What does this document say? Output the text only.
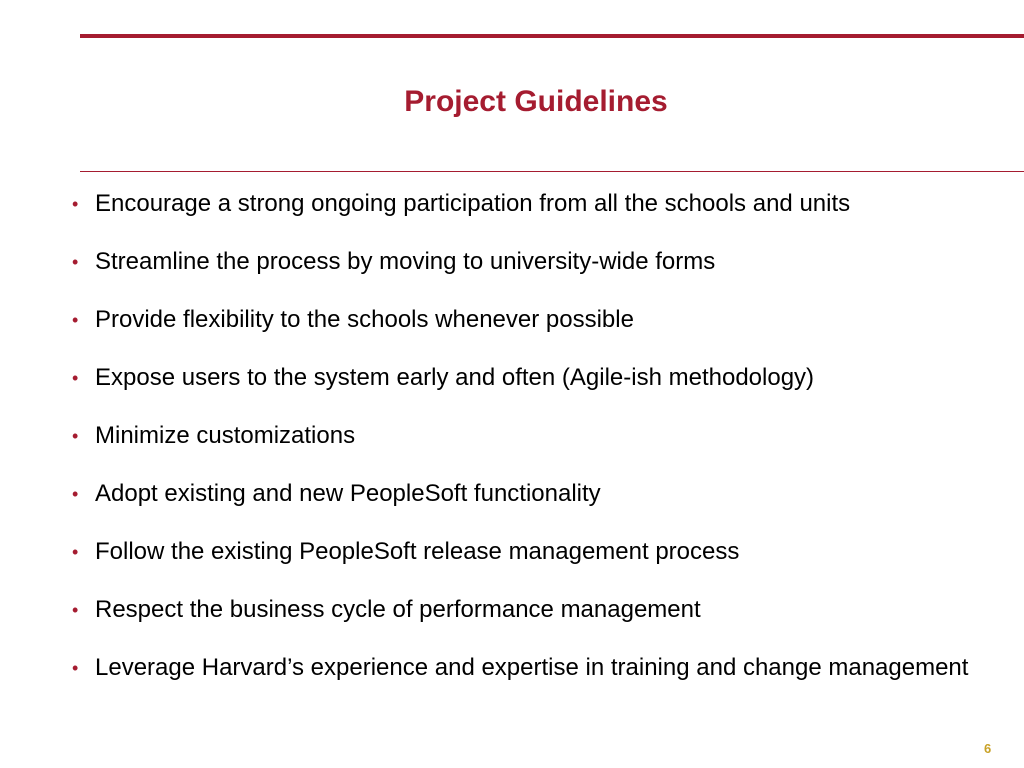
Project Guidelines
• Encourage a strong ongoing participation from all the schools and units
• Streamline the process by moving to university-wide forms
• Provide flexibility to the schools whenever possible
• Expose users to the system early and often (Agile-ish methodology)
• Minimize customizations
• Adopt existing and new PeopleSoft functionality
• Follow the existing PeopleSoft release management process
• Respect the business cycle of performance management
• Leverage Harvard’s experience and expertise in training and change management
6
